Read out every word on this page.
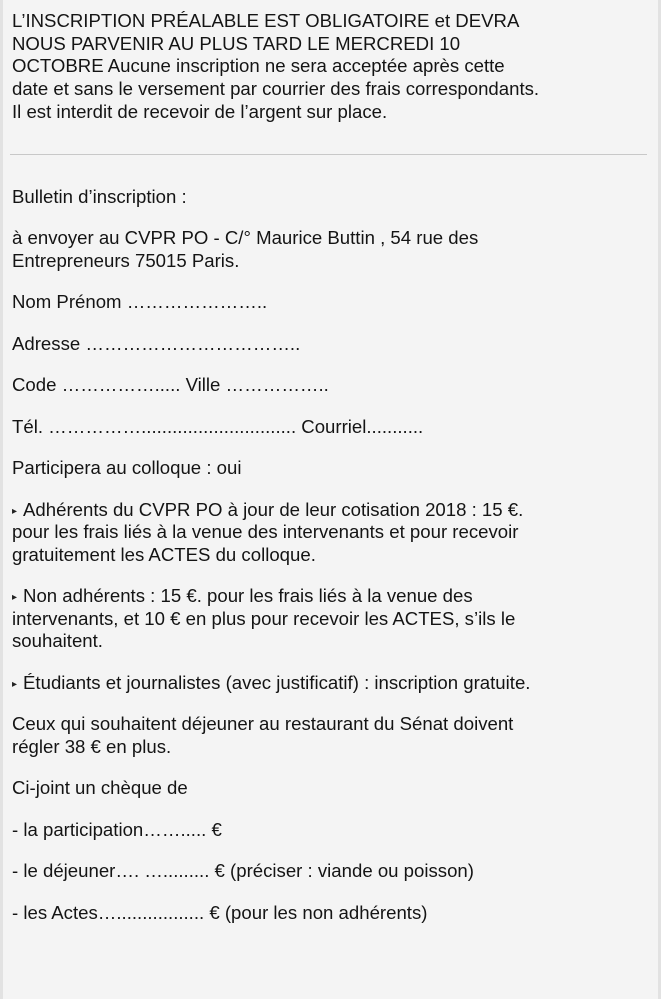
L’INSCRIPTION PRÉALABLE EST OBLIGATOIRE et DEVRA
NOUS PARVENIR AU PLUS TARD LE MERCREDI 10
OCTOBRE Aucune inscription ne sera acceptée après cette
date et sans le versement par courrier des frais correspondants.
Il est interdit de recevoir de l’argent sur place.

Bulletin d’inscription :

à envoyer au CVPR PO - C/° Maurice Buttin , 54 rue des
Entrepreneurs 75015 Paris.

Nom Prénom …………………..

Adresse ……………………………..

Code ……………..... Ville ……………..

Tél. …………….............................. Courriel...........

Participera au colloque : oui

▸ Adhérents du CVPR PO à jour de leur cotisation 2018 : 15 €.
pour les frais liés à la venue des intervenants et pour recevoir
gratuitement les ACTES du colloque.

▸ Non adhérents : 15 €. pour les frais liés à la venue des
intervenants, et 10 € en plus pour recevoir les ACTES, s’ils le
souhaitent.

▸ Étudiants et journalistes (avec justificatif) : inscription gratuite.

Ceux qui souhaitent déjeuner au restaurant du Sénat doivent
régler 38 € en plus.

Ci-joint un chèque de

- la participation……..... €

- le déjeuner…. …......... € (préciser : viande ou poisson)

- les Actes…................. € (pour les non adhérents)
